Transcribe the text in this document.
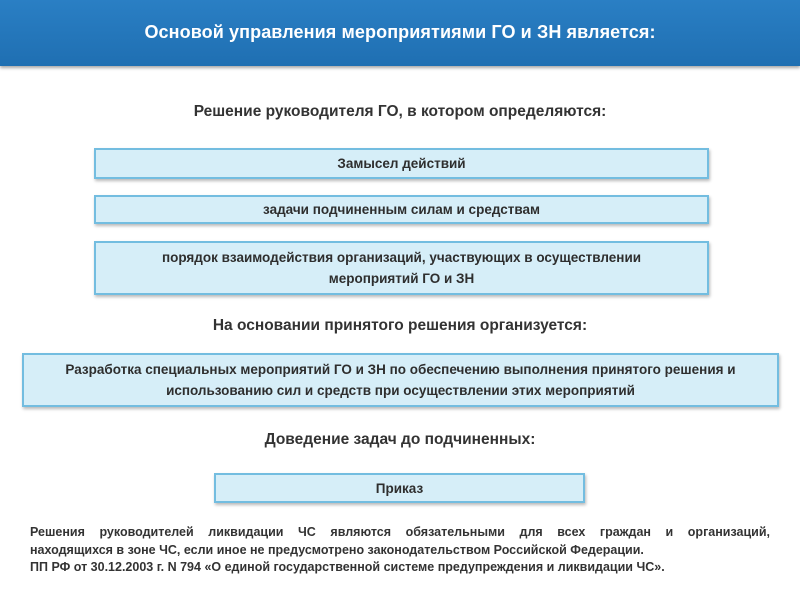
Основой управления мероприятиями ГО и ЗН является:
Решение руководителя ГО, в котором определяются:
Замысел действий
задачи подчиненным силам и средствам
порядок взаимодействия организаций, участвующих в осуществлении мероприятий ГО и ЗН
На основании принятого решения организуется:
Разработка специальных мероприятий ГО и ЗН по обеспечению выполнения принятого решения и использованию сил и средств при осуществлении этих мероприятий
Доведение задач до подчиненных:
Приказ

Решения руководителей ликвидации ЧС являются обязательными для всех граждан и организаций,

находящихся в зоне ЧС, если иное не предусмотрено законодательством Российской Федерации.

ПП РФ от 30.12.2003 г. N 794 «О единой государственной системе предупреждения и ликвидации ЧС».
